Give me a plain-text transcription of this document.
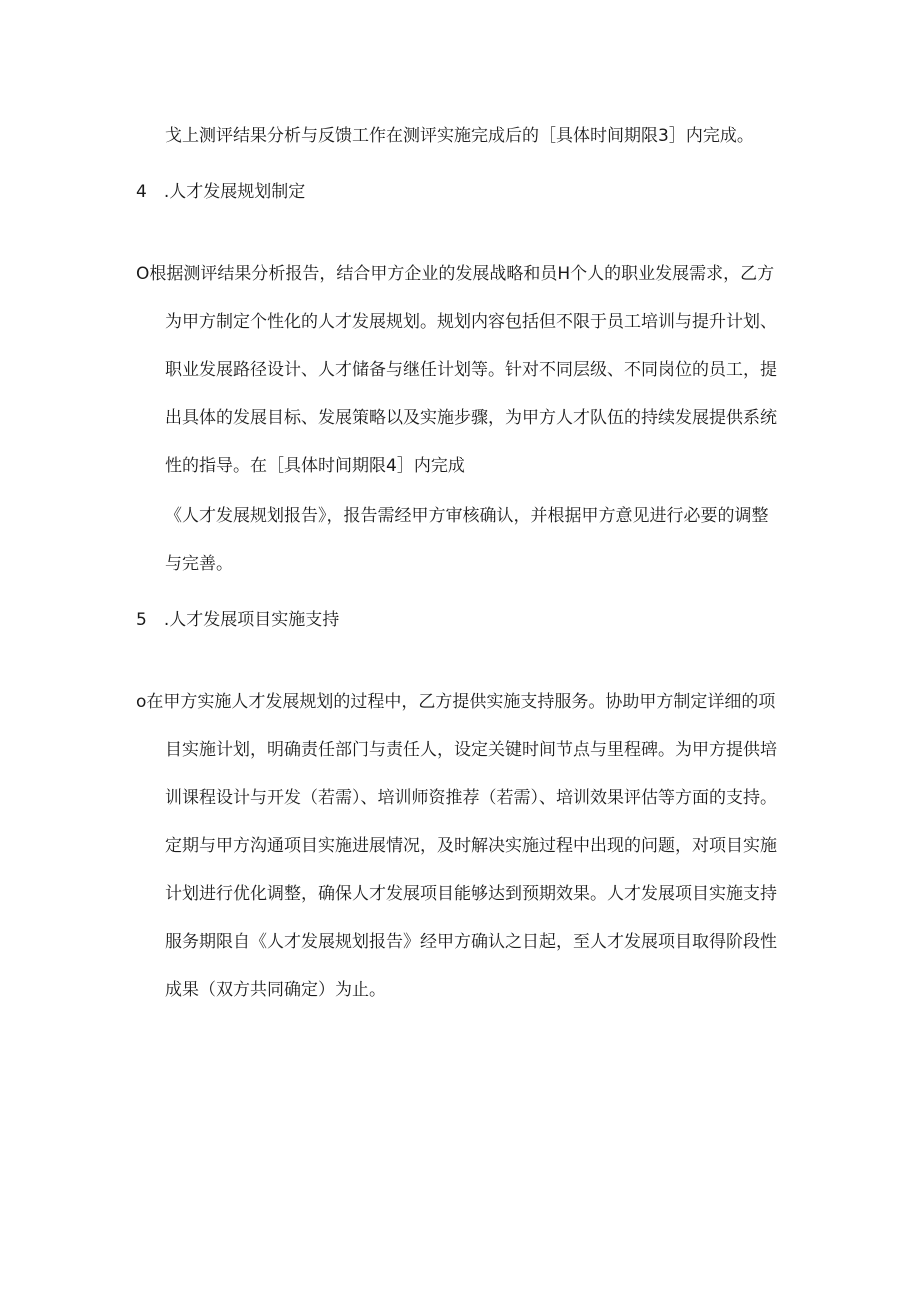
戈上测评结果分析与反馈工作在测评实施完成后的［具体时间期限3］内完成。
4　.人才发展规划制定
O根据测评结果分析报告，结合甲方企业的发展战略和员H个人的职业发展需求，乙方
为甲方制定个性化的人才发展规划。规划内容包括但不限于员工培训与提升计划、
职业发展路径设计、人才储备与继任计划等。针对不同层级、不同岗位的员工，提
出具体的发展目标、发展策略以及实施步骤，为甲方人才队伍的持续发展提供系统
性的指导。在［具体时间期限4］内完成
《人才发展规划报告》，报告需经甲方审核确认，并根据甲方意见进行必要的调整
与完善。
5　.人才发展项目实施支持
o在甲方实施人才发展规划的过程中，乙方提供实施支持服务。协助甲方制定详细的项
目实施计划，明确责任部门与责任人，设定关键时间节点与里程碑。为甲方提供培
训课程设计与开发（若需）、培训师资推荐（若需）、培训效果评估等方面的支持。
定期与甲方沟通项目实施进展情况，及时解决实施过程中出现的问题，对项目实施
计划进行优化调整，确保人才发展项目能够达到预期效果。人才发展项目实施支持
服务期限自《人才发展规划报告》经甲方确认之日起，至人才发展项目取得阶段性
成果（双方共同确定）为止。
